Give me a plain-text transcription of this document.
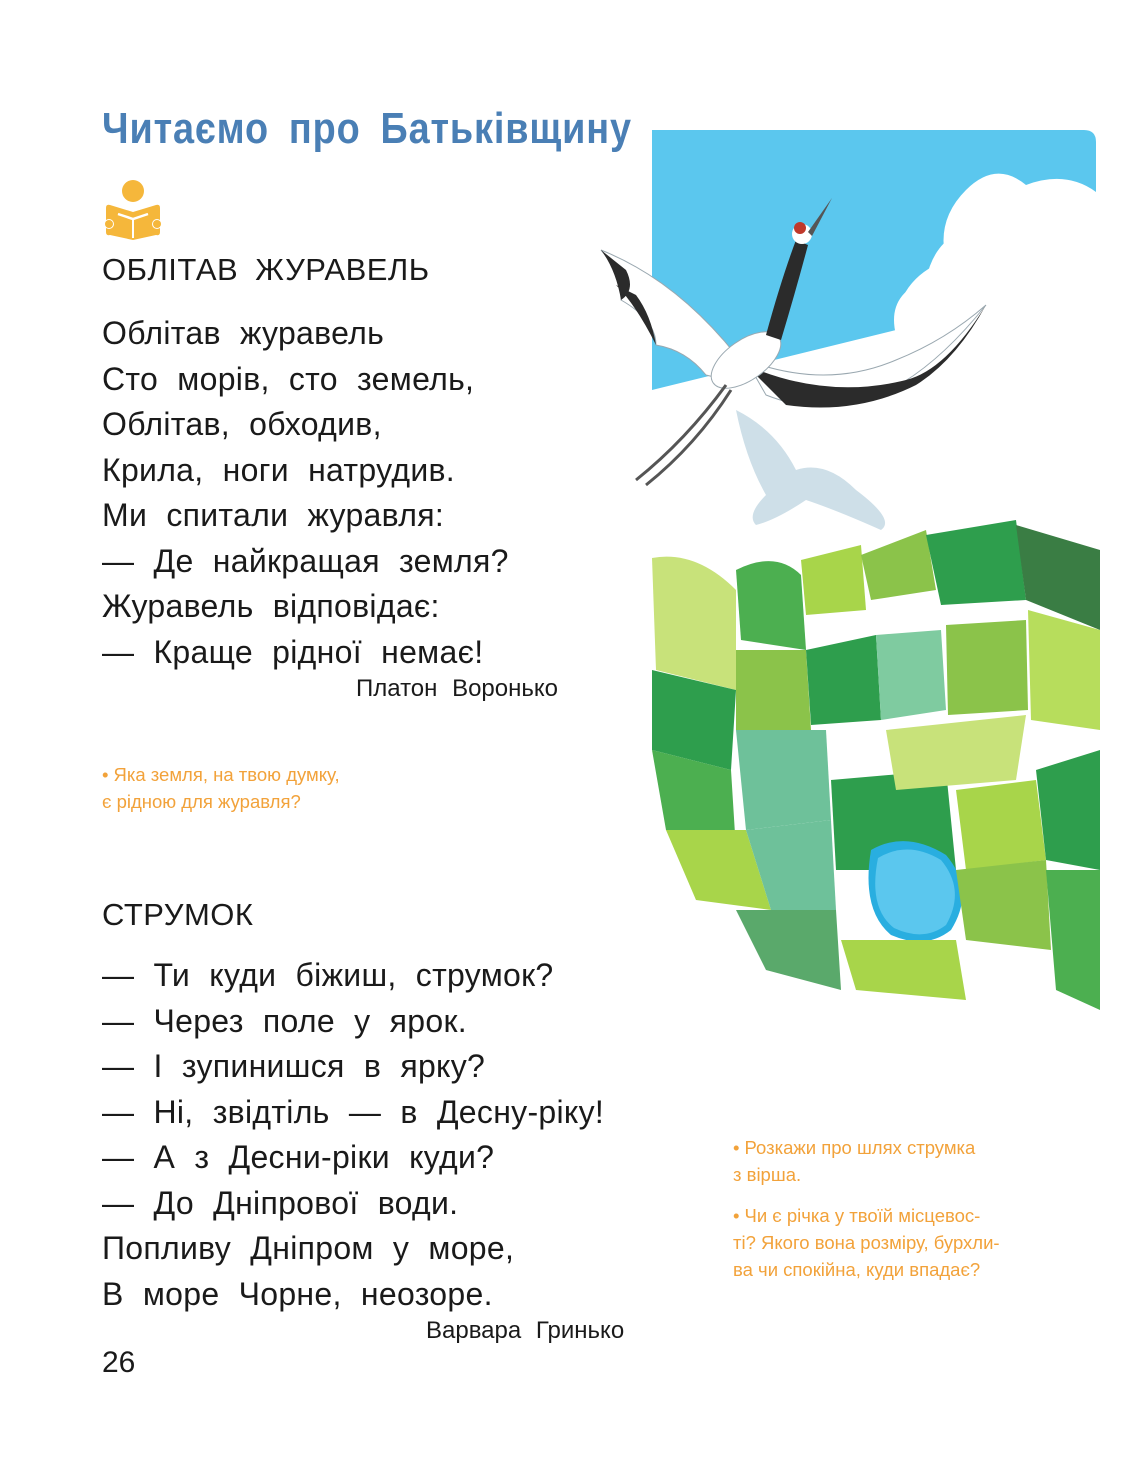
Читаємо про Батьківщину
ОБЛІТАВ ЖУРАВЕЛЬ
Облітав журавель
Сто морів, сто земель,
Облітав, обходив,
Крила, ноги натрудив.
Ми спитали журавля:
— Де найкращая земля?
Журавель відповідає:
— Краще рідної немає!
Платон Воронько
• Яка земля, на твою думку,
є рідною для журавля?
СТРУМОК
— Ти куди біжиш, струмок?
— Через поле у ярок.
— І зупинишся в ярку?
— Ні, звідтіль — в Десну-ріку!
— А з Десни-ріки куди?
— До Дніпрової води.
Попливу Дніпром у море,
В море Чорне, неозоре.
Варвара Гринько
• Розкажи про шлях струмка
з вірша.
• Чи є річка у твоїй місцевос-
ті? Якого вона розміру, бурхли-
ва чи спокійна, куди впадає?
26
